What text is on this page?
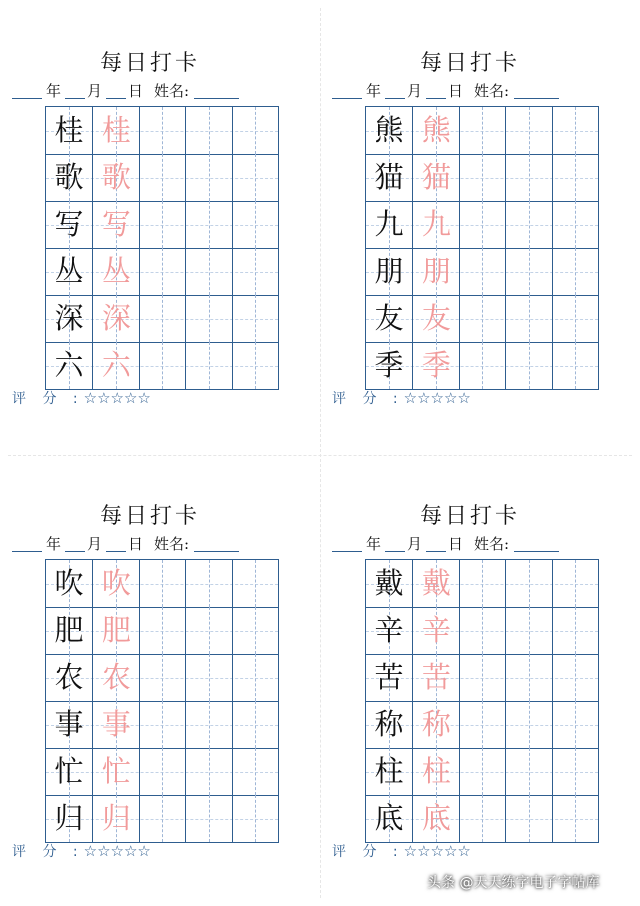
每日打卡
年 月 日 姓名:
桂 桂
歌 歌
写 写
丛 丛
深 深
六 六
评 分 :☆☆☆☆☆
每日打卡
年 月 日 姓名:
熊 熊
猫 猫
九 九
朋 朋
友 友
季 季
评 分 :☆☆☆☆☆
每日打卡
年 月 日 姓名:
吹 吹
肥 肥
农 农
事 事
忙 忙
归 归
评 分 :☆☆☆☆☆
每日打卡
年 月 日 姓名:
戴 戴
辛 辛
苦 苦
称 称
柱 柱
底 底
评 分 :☆☆☆☆☆
头条 @天天练字电子字帖库
